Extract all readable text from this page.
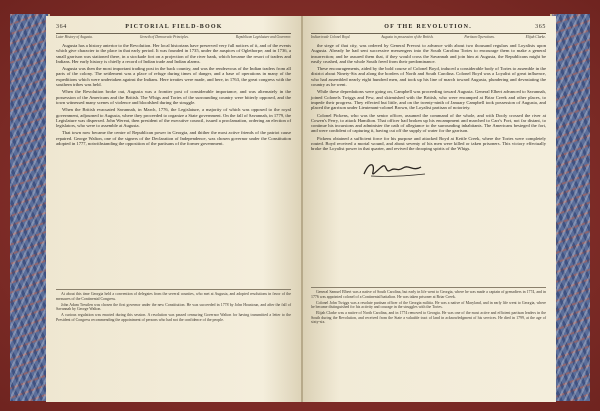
364	PICTORIAL FIELD-BOOK
Later History of Augusta.	Growth of Democratic Principles.	Republican Legislature and Governor.

Augusta has a history anterior to the Revolution. Her local historians have preserved very full notices of it, and of the events which give character to the place in that early period. It was founded in 1735, under the auspices of Oglethorpe; and in 1736, a small garrison was stationed there, in a stockade fort on a projection of the river bank, which became the resort of traders and Indians. Her early history is chiefly a record of Indian trade and Indian alarms.

Augusta was then the most important trading post in the back country, and was the rendezvous of the Indian traders from all parts of the colony. The settlement was a place of refuge during times of danger, and a base of operations in many of the expeditions which were undertaken against the Indians. Here treaties were made, and here, in 1763, the great congress with the southern tribes was held.

When the Revolution broke out, Augusta was a frontier post of considerable importance, and was alternately in the possession of the Americans and the British. The Whigs and Tories of the surrounding country were bitterly opposed, and the town witnessed many scenes of violence and bloodshed during the struggle.

When the British evacuated Savannah, in March, 1776, the Legislature, a majority of which was opposed to the royal government, adjourned to Augusta, where they proceeded to organize a State government. On the fall of Savannah, in 1779, the Legislature was dispersed. John Wereat, then president of the executive council, issued a proclamation, ordering an election of legislators, who were to assemble at Augusta.

That town now became the centre of Republican power in Georgia, and thither the most active friends of the patriot cause repaired. George Walton, one of the signers of the Declaration of Independence, was chosen governor under the Constitution adopted in 1777, notwithstanding the opposition of the partisans of the former government.

At about this time Georgia held a convention of delegates from the several counties, who met at Augusta, and adopted resolutions in favor of the measures of the Continental Congress.

John Adam Treutlen was chosen the first governor under the new Constitution. He was succeeded in 1778 by John Houstoun, and after the fall of Savannah by George Walton.

A curious regulation was enacted during this session. A resolution was passed censuring Governor Walton for having transmitted a letter to the President of Congress recommending the appointment of persons who had not the confidence of the people.

OF THE REVOLUTION.	365
Indian trade Colonel Boyd.	Augusta in possession of the British.	Partisan Operations.	Elijah Clarke.

the siege of that city, was ordered by General Prevost to advance with about two thousand regulars and Loyalists upon Augusta. Already he had sent successive messengers into the South Carolina Tories to encourage them to make a general insurrection; and he assured them that, if they would cross the Savannah and join him at Augusta, the Republicans might be easily crushed, and the whole South freed from their predominance.

These encouragements, aided by the bold course of Colonel Boyd, induced a considerable body of Tories to assemble in the district about Ninety-Six and along the borders of North and South Carolina. Colonel Boyd was a Loyalist of great influence, who had assembled nearly eight hundred men, and took up his line of march toward Augusta, plundering and devastating the country as he went.

While these depredations were going on, Campbell was proceeding toward Augusta. General Elbert advanced to Savannah, joined Colonels Twiggs and Few, and skirmished with the British, who were encamped at Briar Creek and other places, to impede their progress. They effected but little, and on the twenty-ninth of January Campbell took possession of Augusta, and placed the garrison under Lieutenant-colonel Brown, the Loyalist partisan of notoriety.

Colonel Pickens, who was the senior officer, assumed the command of the whole, and with Dooly crossed the river at Cowen's Ferry, to attack Hamilton. That officer had broken up his encampment and marched to Carr's Fort, not far distant, to continue his incursions and administer the oath of allegiance to the surrounding inhabitants. The Americans besieged the fort, and were confident of capturing it, having cut off the supply of water for the garrison.

Pickens obtained a sufficient force for his purpose and attacked Boyd at Kettle Creek, where the Tories were completely routed. Boyd received a mortal wound, and about seventy of his men were killed or taken prisoners. This victory effectually broke the Loyalist power in that quarter, and revived the drooping spirits of the Whigs.

General Samuel Elbert was a native of South Carolina, but early in life went to Georgia, where he was made a captain of grenadiers in 1774, and in 1776 was appointed colonel of a Continental battalion. He was taken prisoner at Briar Creek.

Colonel John Twiggs was a resolute partisan officer of the Georgia militia. He was a native of Maryland, and in early life went to Georgia, where he became distinguished for his activity and courage in the struggles with the Tories.

Elijah Clarke was a native of North Carolina, and in 1774 removed to Georgia. He was one of the most active and efficient partisan leaders in the South during the Revolution, and received from the State a valuable tract of land in acknowledgment of his services. He died in 1799, at the age of sixty-six.
